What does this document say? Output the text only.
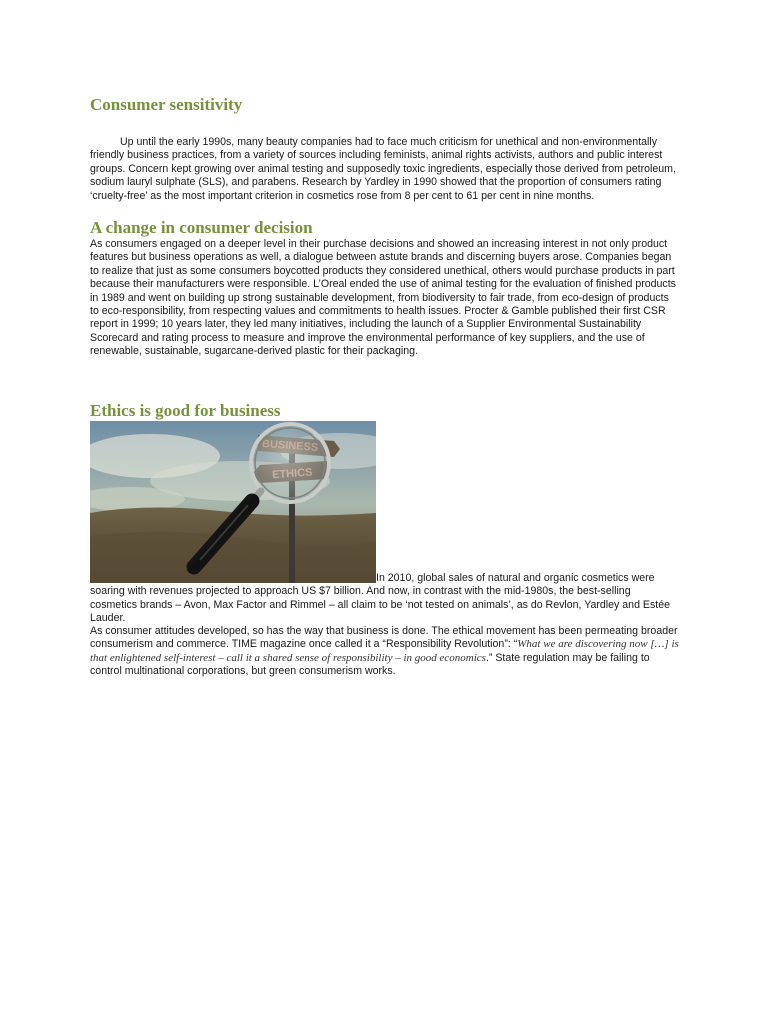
Consumer sensitivity

Up until the early 1990s, many beauty companies had to face much criticism for unethical and non-environmentally friendly business practices, from a variety of sources including feminists, animal rights activists, authors and public interest groups. Concern kept growing over animal testing and supposedly toxic ingredients, especially those derived from petroleum, sodium lauryl sulphate (SLS), and parabens. Research by Yardley in 1990 showed that the proportion of consumers rating ‘cruelty-free’ as the most important criterion in cosmetics rose from 8 per cent to 61 per cent in nine months.

A change in consumer decision

As consumers engaged on a deeper level in their purchase decisions and showed an increasing interest in not only product features but business operations as well, a dialogue between astute brands and discerning buyers arose. Companies began to realize that just as some consumers boycotted products they considered unethical, others would purchase products in part because their manufacturers were responsible. L’Oreal ended the use of animal testing for the evaluation of finished products in 1989 and went on building up strong sustainable development, from biodiversity to fair trade, from eco-design of products to eco-responsibility, from respecting values and commitments to health issues. Procter & Gamble published their first CSR report in 1999; 10 years later, they led many initiatives, including the launch of a Supplier Environmental Sustainability Scorecard and rating process to measure and improve the environmental performance of key suppliers, and the use of renewable, sustainable, sugarcane-derived plastic for their packaging.

Ethics is good for business

In 2010, global sales of natural and organic cosmetics were soaring with revenues projected to approach US $7 billion. And now, in contrast with the mid-1980s, the best-selling cosmetics brands – Avon, Max Factor and Rimmel – all claim to be ‘not tested on animals’, as do Revlon, Yardley and Estée Lauder.

As consumer attitudes developed, so has the way that business is done. The ethical movement has been permeating broader consumerism and commerce. TIME magazine once called it a “Responsibility Revolution”: “What we are discovering now […] is that enlightened self-interest – call it a shared sense of responsibility – in good economics.” State regulation may be failing to control multinational corporations, but green consumerism works.
